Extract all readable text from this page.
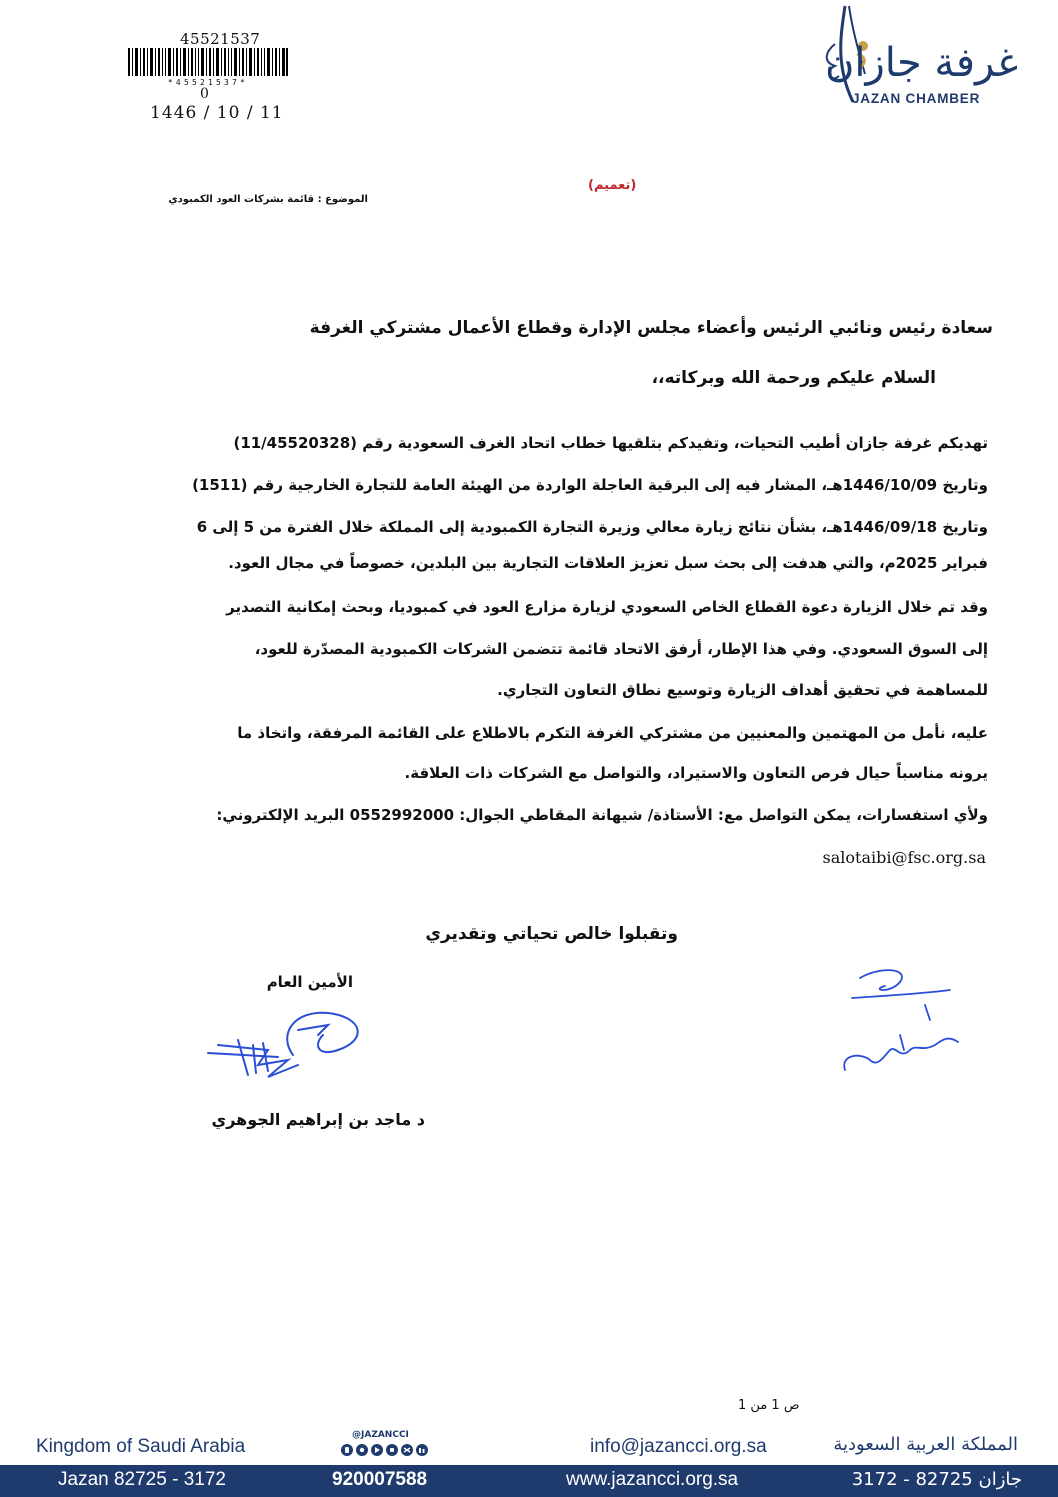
45521537
*45521537*
0
1446 / 10 / 11
غرفة جازان
JAZAN CHAMBER
(تعميم)
الموضوع : قائمة بشركات العود الكمبودي
سعادة رئيس ونائبي الرئيس وأعضاء مجلس الإدارة وقطاع الأعمال مشتركي الغرفة
السلام عليكم ورحمة الله وبركاته،،
تهديكم غرفة جازان أطيب التحيات، وتفيدكم بتلقيها خطاب اتحاد الغرف السعودية رقم (11/45520328)
وتاريخ 1446/10/09هـ، المشار فيه إلى البرقية العاجلة الواردة من الهيئة العامة للتجارة الخارجية رقم (1511)
وتاريخ 1446/09/18هـ، بشأن نتائج زيارة معالي وزيرة التجارة الكمبودية إلى المملكة خلال الفترة من 5 إلى 6
فبراير 2025م، والتي هدفت إلى بحث سبل تعزيز العلاقات التجارية بين البلدين، خصوصاً في مجال العود.
وقد تم خلال الزيارة دعوة القطاع الخاص السعودي لزيارة مزارع العود في كمبوديا، وبحث إمكانية التصدير
إلى السوق السعودي. وفي هذا الإطار، أرفق الاتحاد قائمة تتضمن الشركات الكمبودية المصدّرة للعود،
للمساهمة في تحقيق أهداف الزيارة وتوسيع نطاق التعاون التجاري.
عليه، نأمل من المهتمين والمعنيين من مشتركي الغرفة التكرم بالاطلاع على القائمة المرفقة، واتخاذ ما
يرونه مناسباً حيال فرص التعاون والاستيراد، والتواصل مع الشركات ذات العلاقة.
ولأي استفسارات، يمكن التواصل مع: الأستاذة/ شيهانة المقاطي الجوال: 0552992000 البريد الإلكتروني:
salotaibi@fsc.org.sa
وتقبلوا خالص تحياتي وتقديري
الأمين العام
د ماجد بن إبراهيم الجوهري
ص 1 من 1
Kingdom of Saudi Arabia
@JAZANCCI
info@jazancci.org.sa	المملكة العربية السعودية
Jazan 82725 - 3172	920007588	www.jazancci.org.sa	جازان 82725 - 3172
